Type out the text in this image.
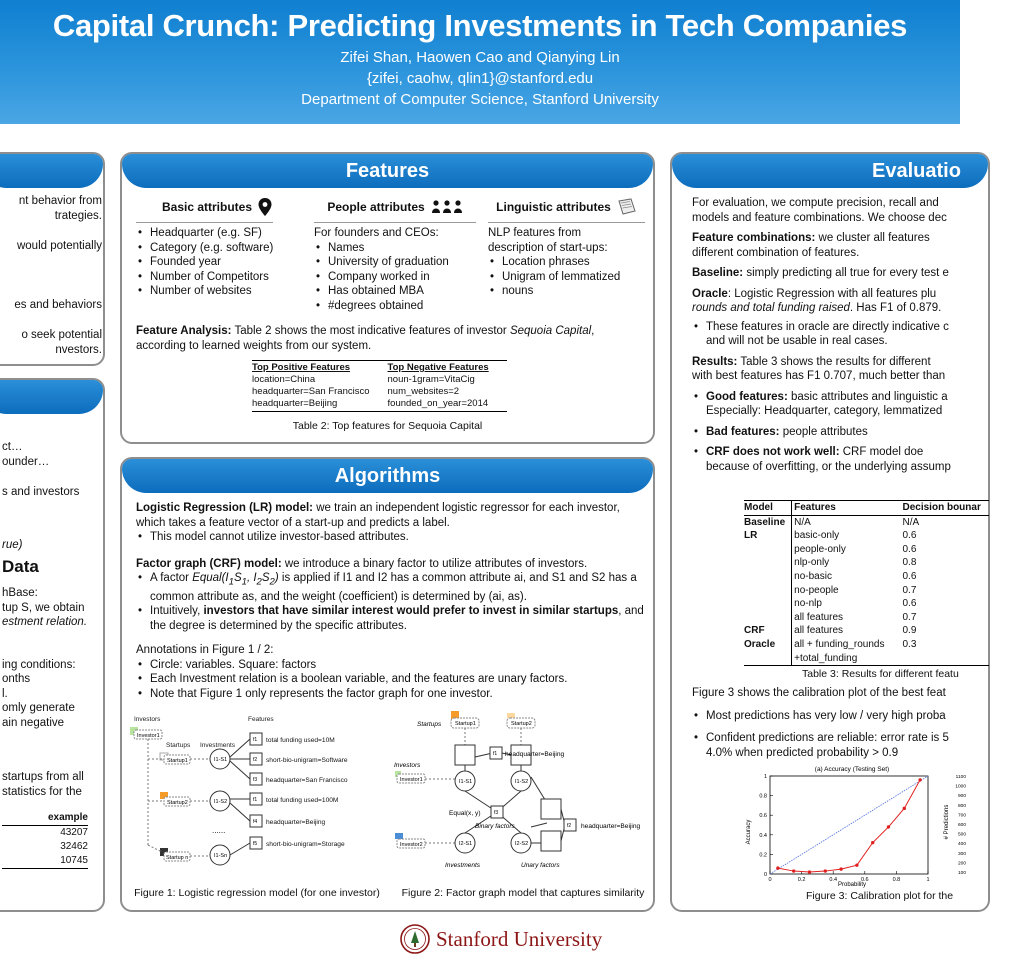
Capital Crunch: Predicting Investments in Tech Companies
Zifei Shan, Haowen Cao and Qianying Lin
{zifei, caohw, qlin1}@stanford.edu
Department of Computer Science, Stanford University
nt behavior from
trategies.
would potentially
es and behaviors
o seek potential
nvestors.
ct…
ounder…
s and investors
rue)
Data
hBase:
tup S, we obtain
estment relation.
ing conditions:
onths
l.
omly generate
ain negative
startups from all
statistics for the
example
43207
32462
10745
Features
Basic attributes
• Headquarter (e.g. SF)
• Category (e.g. software)
• Founded year
• Number of Competitors
• Number of websites
People attributes
For founders and CEOs:
• Names
• University of graduation
• Company worked in
• Has obtained MBA
• #degrees obtained
Linguistic attributes
NLP features from
description of start-ups:
• Location phrases
• Unigram of lemmatized
• nouns
Feature Analysis: Table 2 shows the most indicative features of investor Sequoia Capital,
according to learned weights from our system.
Top Positive Features	Top Negative Features
location=China	noun-1gram=VitaCig
headquarter=San Francisco	num_websites=2
headquarter=Beijing	founded_on_year=2014
Table 2: Top features for Sequoia Capital
Algorithms

Logistic Regression (LR) model: we train an independent logistic regressor for each investor, which takes a feature vector of a start-up and predicts a label.

• This model cannot utilize investor-based attributes.

Factor graph (CRF) model: we introduce a binary factor to utilize attributes of investors.

• A factor $Equal(I_1S_1$, $I_2S_2$) is applied if I1 and I2 has a common attribute ai, and S1 and S2 has a common attribute as, and the weight (coefficient) is determined by (ai, as).
• Intuitively, investors that have similar interest would prefer to invest in similar startups, and the degree is determined by the specific attributes.
Annotations in Figure 1 / 2:
• Circle: variables. Square: factors
• Each Investment relation is a boolean variable, and the features are unary factors.
• Note that Figure 1 only represents the factor graph for one investor.
Investors	Features
Startups Investments
Investor1
Startup1
Startup2
Startup n
I1-S1
I1-S2
I1-Sn
......
f1
f2
f3
f1
f4
f5
total funding used=10M
short-bio-unigram=Software
headquarter=San Francisco
total funding used=100M
headquarter=Beijing
short-bio-unigram=Storage
Startup1	Startup2
Startups
Investors
Investor1
Investor2
f1 headquarter=Beijing
I1-S1	I1-S2
I2-S1	I2-S2
f3
Equal(x, y)
Binary factors	f2 headquarter=Beijing
Investments	Unary factors
Figure 1: Logistic regression model (for one investor)	Figure 2: Factor graph model that captures similarity
Evaluatio
For evaluation, we compute precision, recall and
models and feature combinations. We choose dec
Feature combinations: we cluster all features
different combination of features.
Baseline: simply predicting all true for every test e
Oracle: Logistic Regression with all features plu
rounds and total funding raised. Has F1 of 0.879.
• These features in oracle are directly indicative c
and will not be usable in real cases.
Results: Table 3 shows the results for different
with best features has F1 0.707, much better than
• Good features: basic attributes and linguistic a
Especially: Headquarter, category, lemmatized
• Bad features: people attributes
• CRF does not work well: CRF model doe
because of overfitting, or the underlying assump
Model	Features	Decision bounar
Baseline	N/A	N/A
LR	basic-only	0.6
	people-only	0.6
	nlp-only	0.8
	no-basic	0.6
	no-people	0.7
	no-nlp	0.6
	all features	0.7
CRF	all features	0.9
Oracle	all + funding_rounds	0.3
	+total_funding	
Table 3: Results for different featu
Figure 3 shows the calibration plot of the best feat
• Most predictions has very low / very high proba
• Confident predictions are reliable: error rate is 5
4.0% when predicted probability > 0.9
(a) Accuracy (Testing Set)
Accuracy
Probability
0	0.2	0.4	0.6	0.8	1
0
0.2
0.4
0.6
0.8
1
# Predictions
1100
1000
900
800
700
600
500
400
300
200
100
Figure 3: Calibration plot for the
Stanford University
